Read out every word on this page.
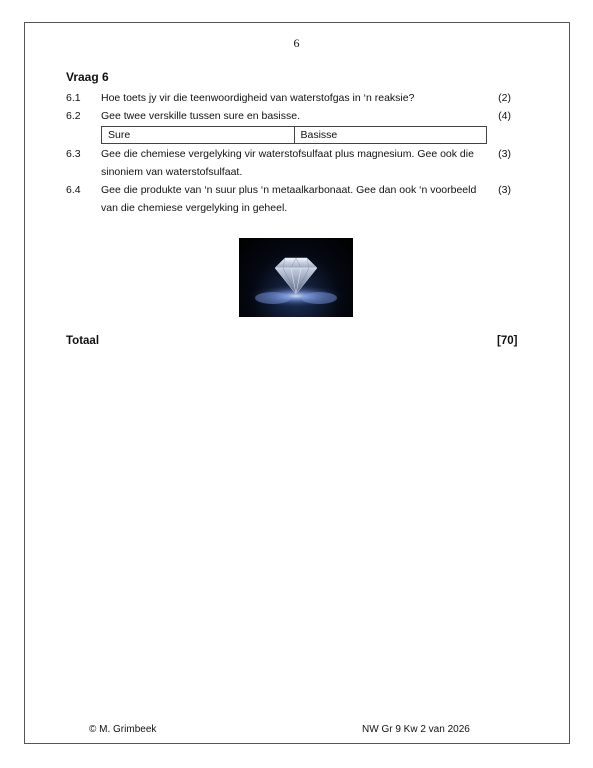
6
Vraag 6
6.1 Hoe toets jy vir die teenwoordigheid van waterstofgas in ‘n reaksie?	(2)
6.2 Gee twee verskille tussen sure en basisse.	(4)
Sure	Basisse
6.3 Gee die chemiese vergelyking vir waterstofsulfaat plus magnesium. Gee ook die
sinoniem van waterstofsulfaat.
(3)
6.4 Gee die produkte van ‘n suur plus ‘n metaalkarbonaat. Gee dan ook ‘n voorbeeld
van die chemiese vergelyking in geheel.
(3)
Totaal	[70]
© M. Grimbeek	NW Gr 9 Kw 2 van 2026
